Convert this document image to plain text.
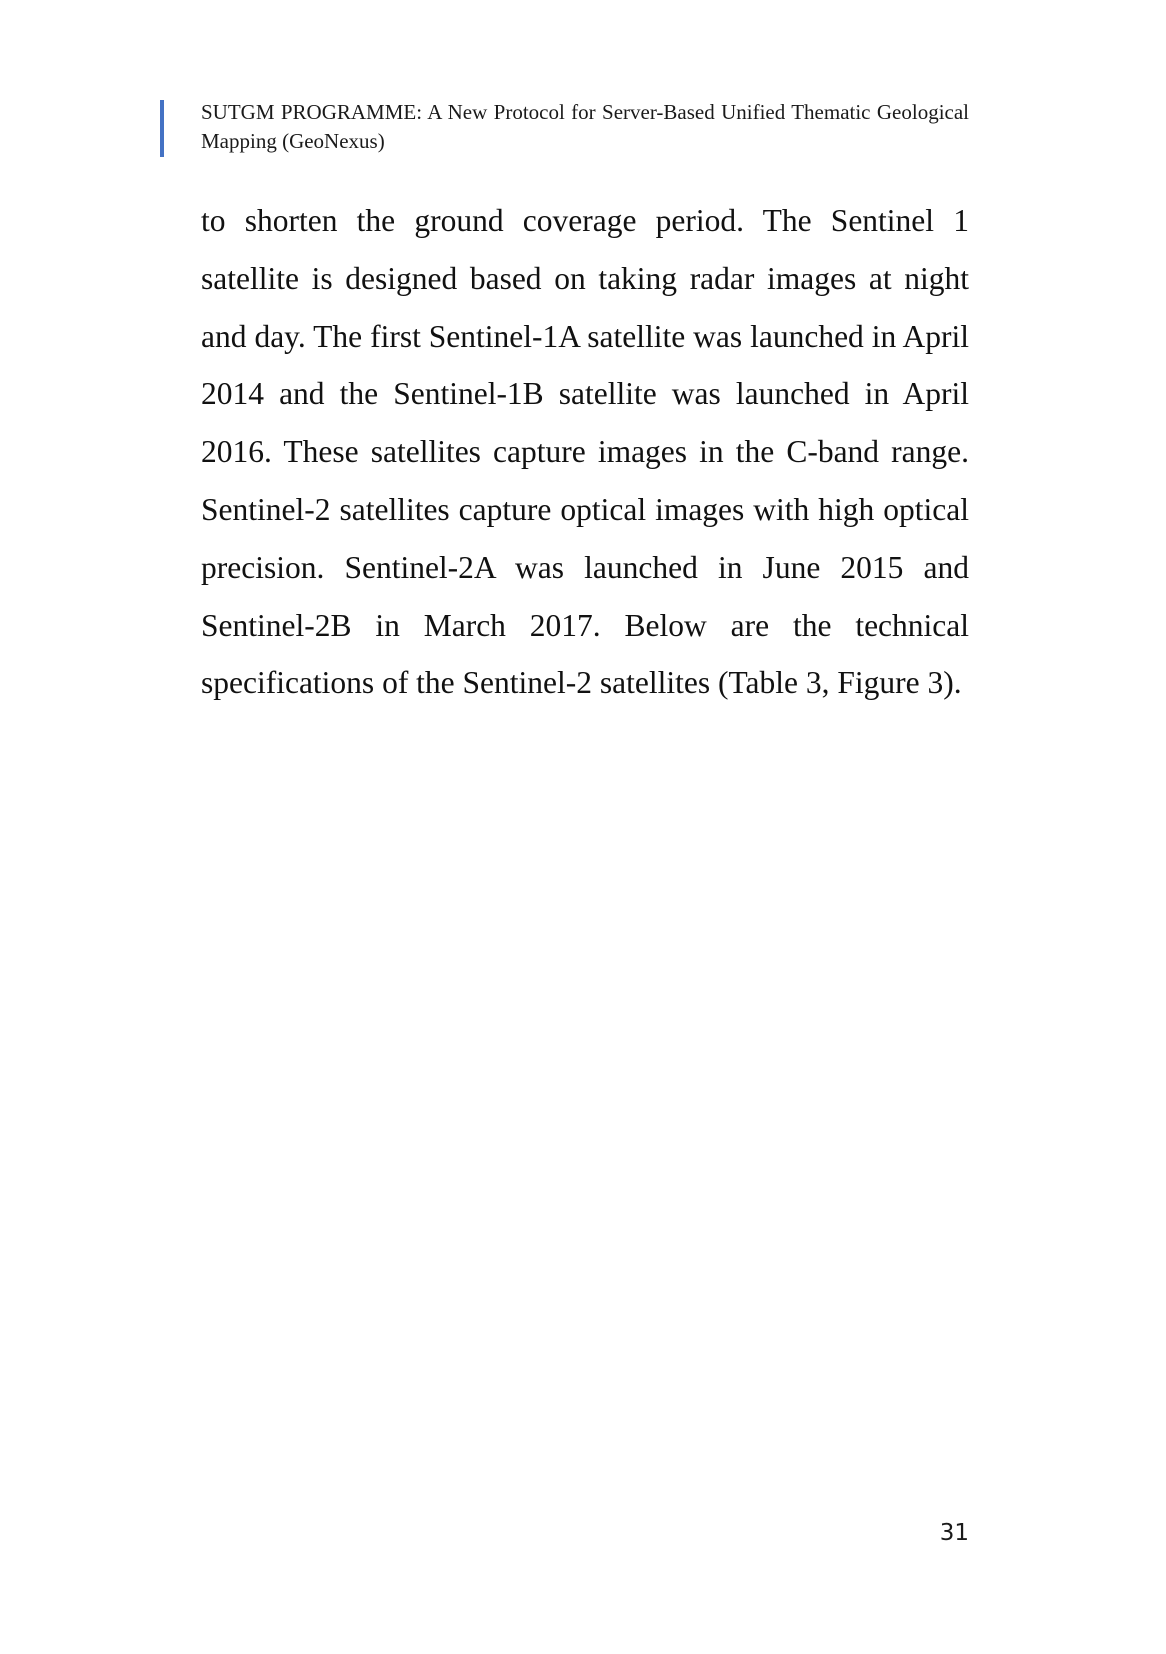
SUTGM PROGRAMME: A New Protocol for Server-Based Unified Thematic Geological Mapping (GeoNexus)

to shorten the ground coverage period. The Sentinel 1 satellite is designed based on taking radar images at night and day. The first Sentinel-1A satellite was launched in April 2014 and the Sentinel-1B satellite was launched in April 2016. These satellites capture images in the C-band range. Sentinel-2 satellites capture optical images with high optical precision. Sentinel-2A was launched in June 2015 and Sentinel-2B in March 2017. Below are the technical specifications of the Sentinel-2 satellites (Table 3, Figure 3).

31
